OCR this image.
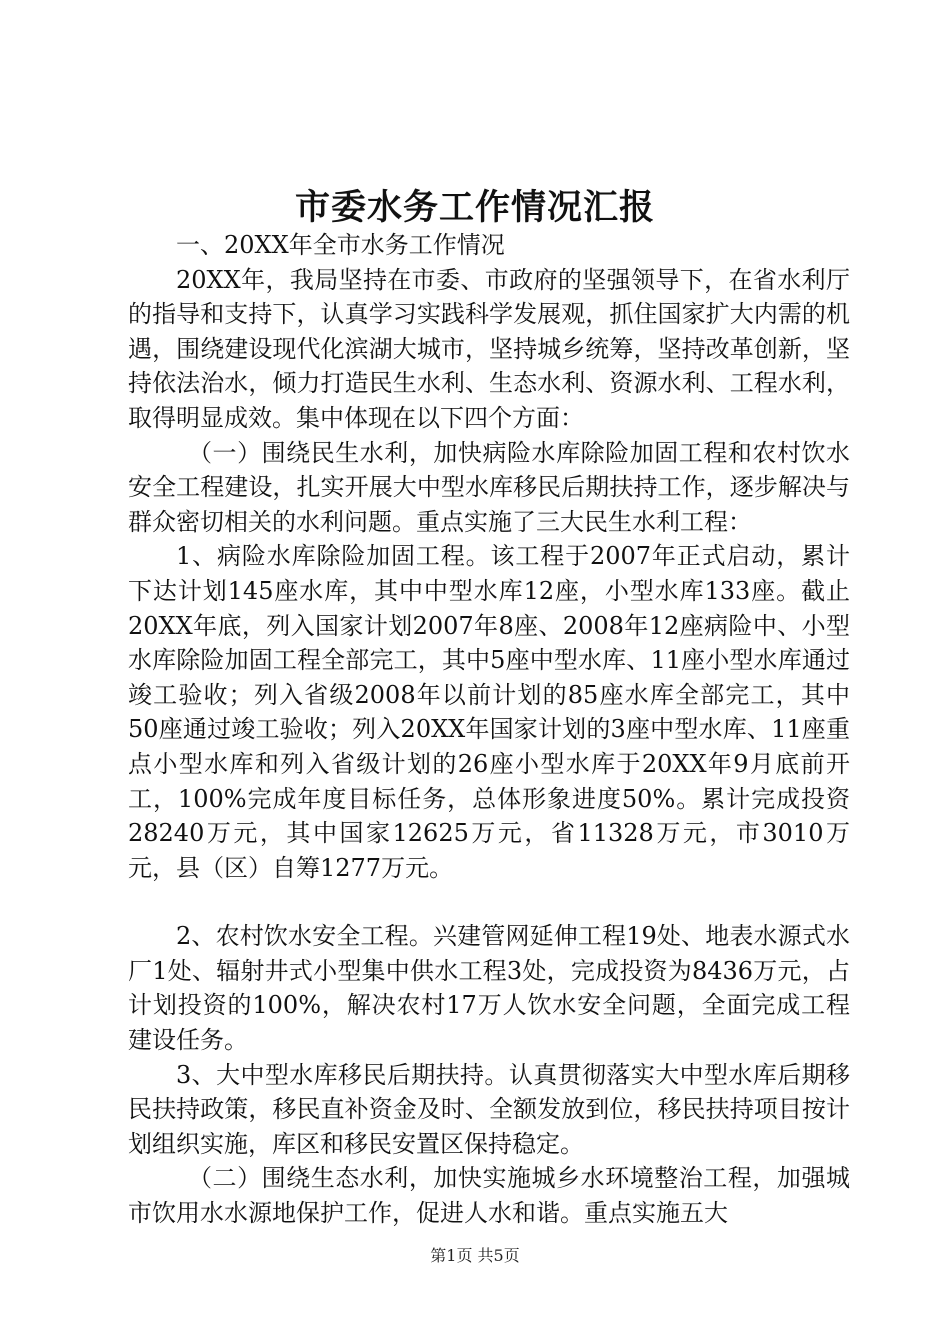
市委水务工作情况汇报

一、20XX年全市水务工作情况

20XX年，我局坚持在市委、市政府的坚强领导下，在省水利厅的指导和支持下，认真学习实践科学发展观，抓住国家扩大内需的机遇，围绕建设现代化滨湖大城市，坚持城乡统筹，坚持改革创新，坚持依法治水，倾力打造民生水利、生态水利、资源水利、工程水利，取得明显成效。集中体现在以下四个方面：

（一）围绕民生水利，加快病险水库除险加固工程和农村饮水安全工程建设，扎实开展大中型水库移民后期扶持工作，逐步解决与群众密切相关的水利问题。重点实施了三大民生水利工程：

1、病险水库除险加固工程。该工程于2007年正式启动，累计下达计划145座水库，其中中型水库12座，小型水库133座。截止20XX年底，列入国家计划2007年8座、2008年12座病险中、小型水库除险加固工程全部完工，其中5座中型水库、11座小型水库通过竣工验收；列入省级2008年以前计划的85座水库全部完工，其中50座通过竣工验收；列入20XX年国家计划的3座中型水库、11座重点小型水库和列入省级计划的26座小型水库于20XX年9月底前开工，100%完成年度目标任务，总体形象进度50%。累计完成投资28240万元，其中国家12625万元，省11328万元，市3010万元，县（区）自筹1277万元。

2、农村饮水安全工程。兴建管网延伸工程19处、地表水源式水厂1处、辐射井式小型集中供水工程3处，完成投资为8436万元，占计划投资的100%，解决农村17万人饮水安全问题，全面完成工程建设任务。

3、大中型水库移民后期扶持。认真贯彻落实大中型水库后期移民扶持政策，移民直补资金及时、全额发放到位，移民扶持项目按计划组织实施，库区和移民安置区保持稳定。

（二）围绕生态水利，加快实施城乡水环境整治工程，加强城市饮用水水源地保护工作，促进人水和谐。重点实施五大

第1页 共5页
